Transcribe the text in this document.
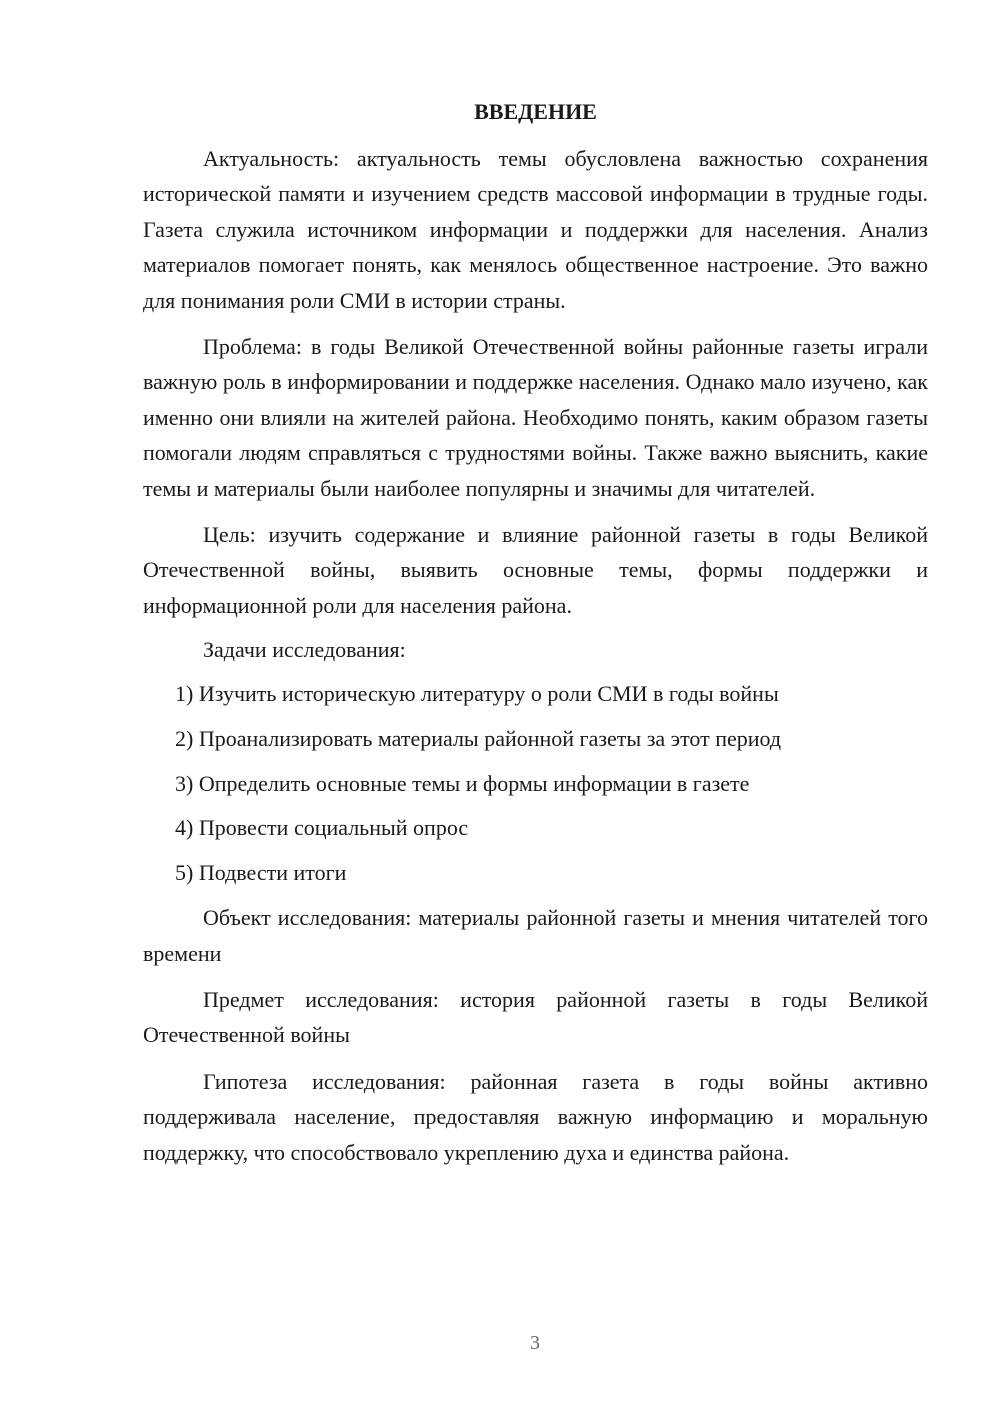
ВВЕДЕНИЕ

Актуальность: актуальность темы обусловлена важностью сохранения исторической памяти и изучением средств массовой информации в трудные годы. Газета служила источником информации и поддержки для населения. Анализ материалов помогает понять, как менялось общественное настроение. Это важно для понимания роли СМИ в истории страны.

Проблема: в годы Великой Отечественной войны районные газеты играли важную роль в информировании и поддержке населения. Однако мало изучено, как именно они влияли на жителей района. Необходимо понять, каким образом газеты помогали людям справляться с трудностями войны. Также важно выяснить, какие темы и материалы были наиболее популярны и значимы для читателей.

Цель: изучить содержание и влияние районной газеты в годы Великой Отечественной войны, выявить основные темы, формы поддержки и информационной роли для населения района.

Задачи исследования:

1) Изучить историческую литературу о роли СМИ в годы войны
2) Проанализировать материалы районной газеты за этот период
3) Определить основные темы и формы информации в газете
4) Провести социальный опрос
5) Подвести итоги

Объект исследования: материалы районной газеты и мнения читателей того времени

Предмет исследования: история районной газеты в годы Великой Отечественной войны

Гипотеза исследования: районная газета в годы войны активно поддерживала население, предоставляя важную информацию и моральную поддержку, что способствовало укреплению духа и единства района.

3
